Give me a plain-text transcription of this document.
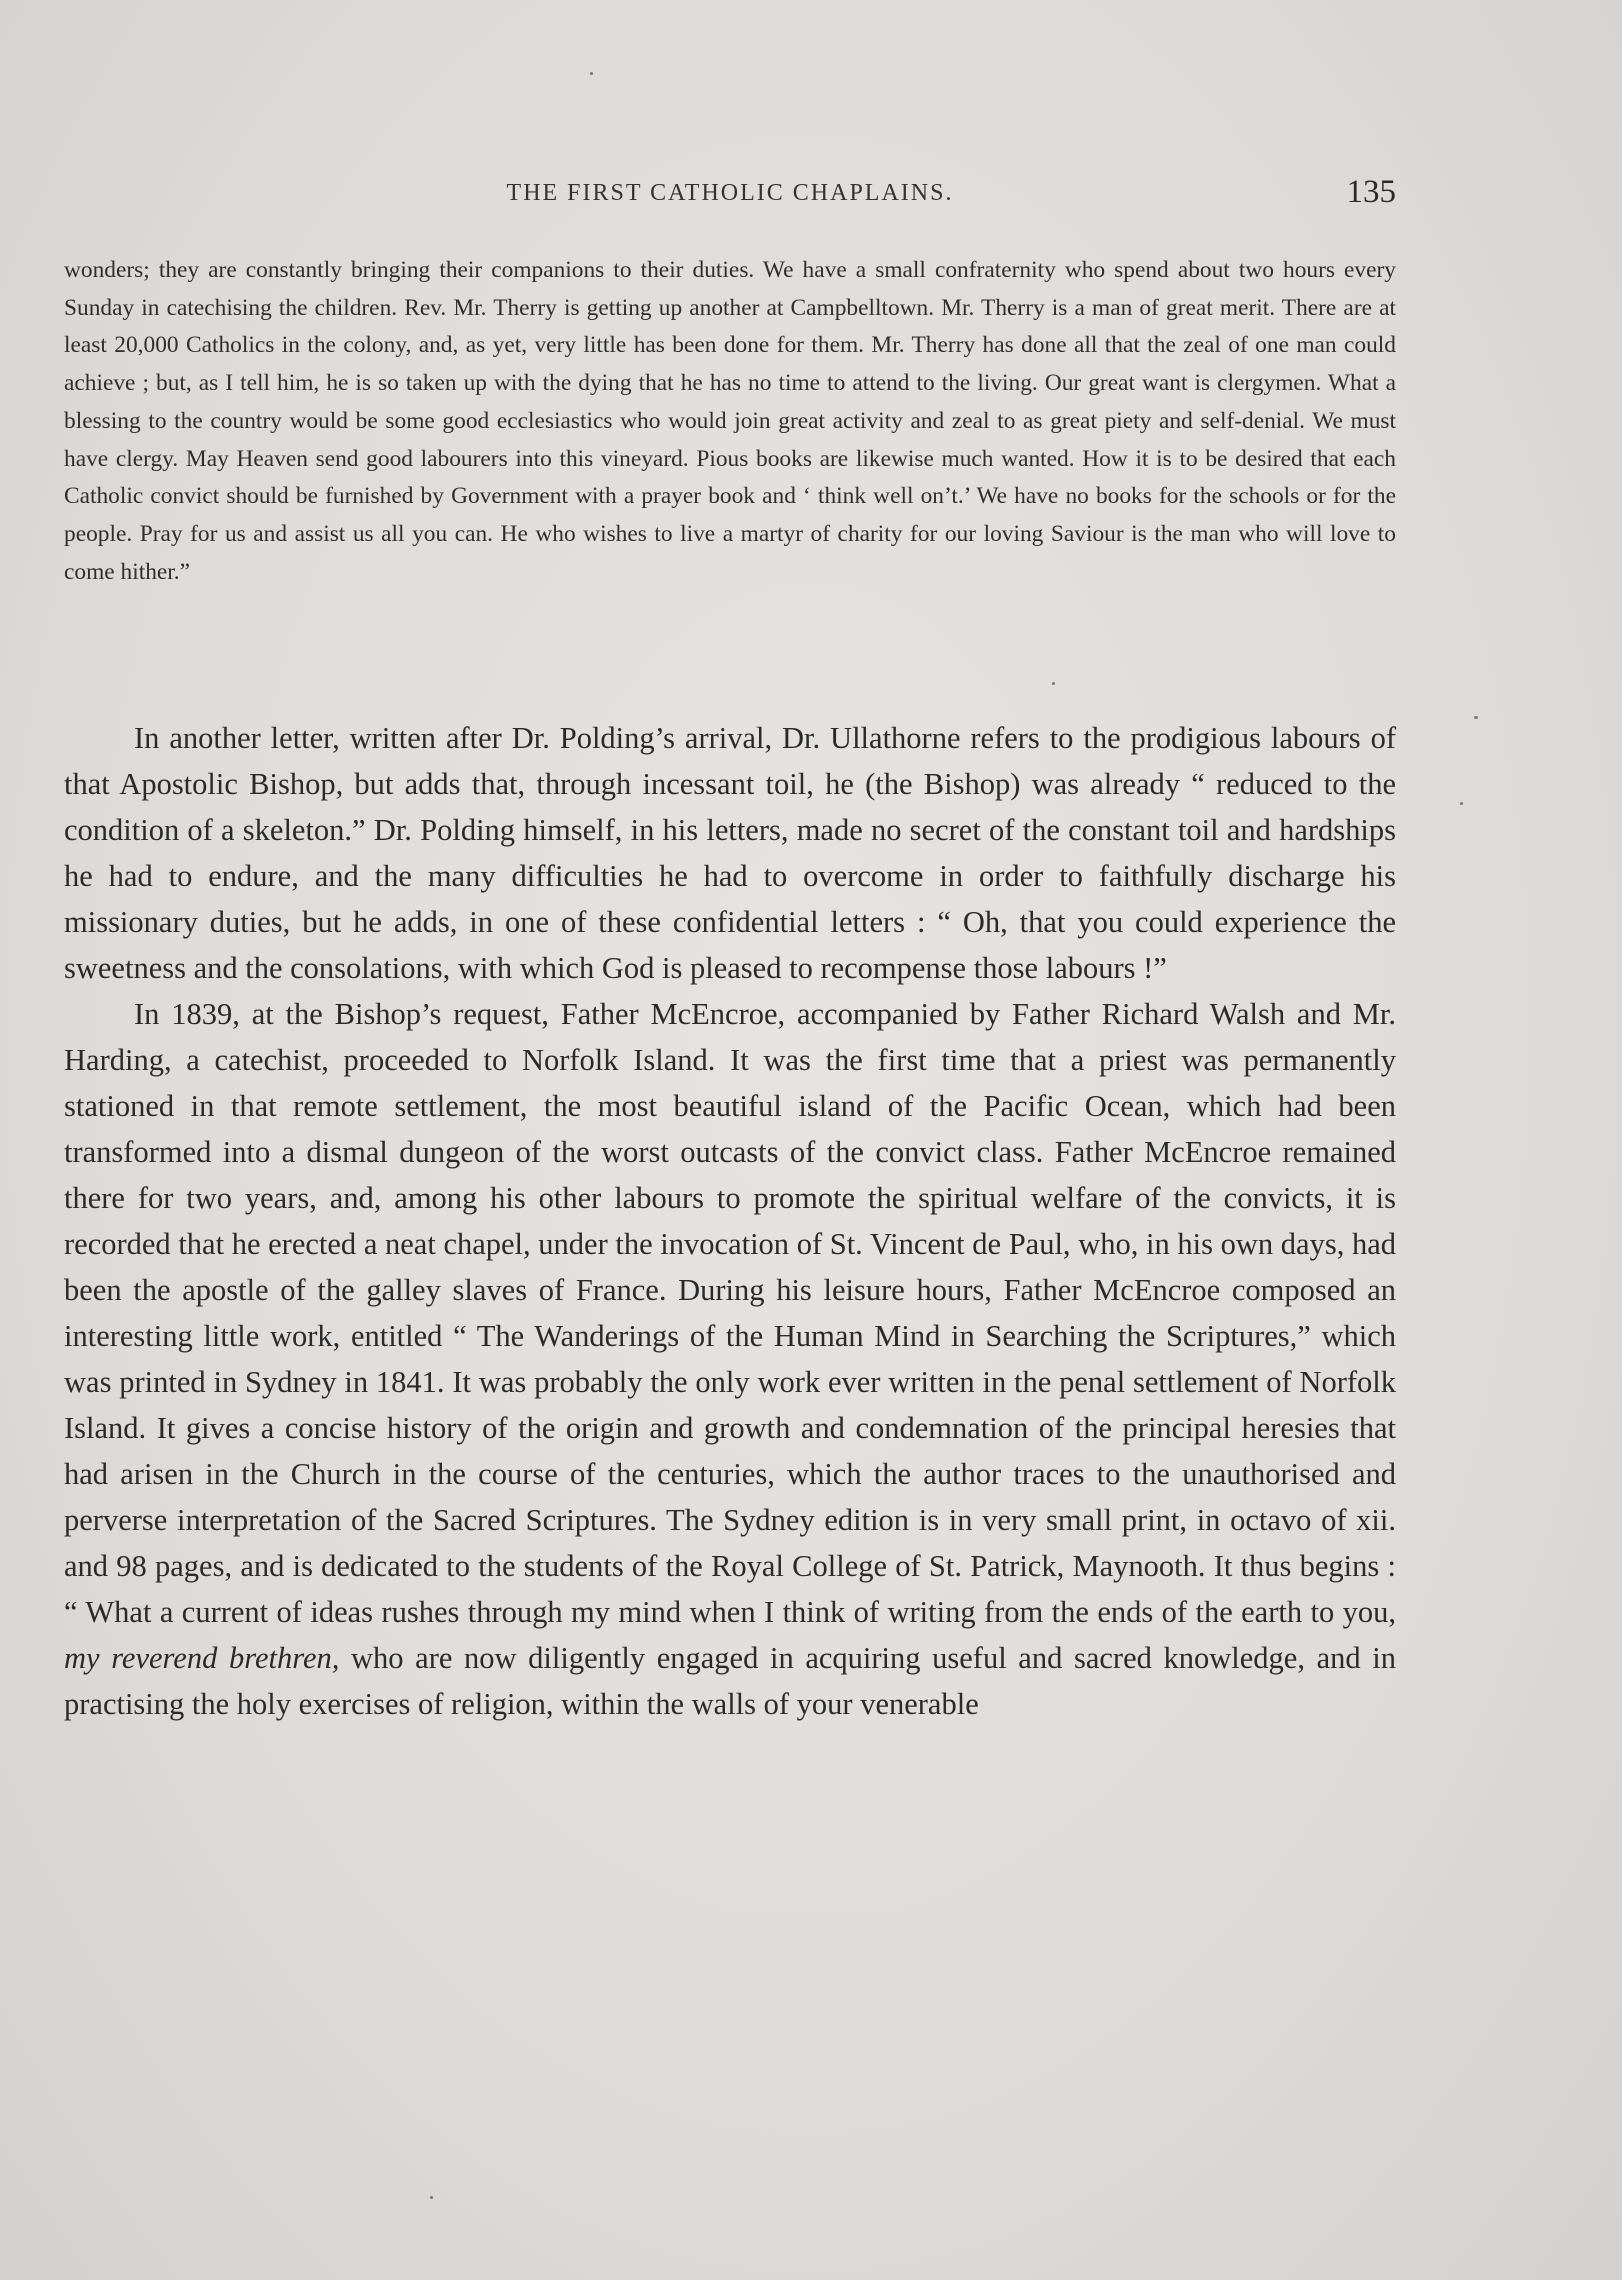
THE FIRST CATHOLIC CHAPLAINS.	135

wonders; they are constantly bringing their companions to their duties. We have a small confraternity who spend about two hours every Sunday in catechising the children. Rev. Mr. Therry is getting up another at Campbelltown. Mr. Therry is a man of great merit. There are at least 20,000 Catholics in the colony, and, as yet, very little has been done for them. Mr. Therry has done all that the zeal of one man could achieve ; but, as I tell him, he is so taken up with the dying that he has no time to attend to the living. Our great want is clergymen. What a blessing to the country would be some good ecclesiastics who would join great activity and zeal to as great piety and self-denial. We must have clergy. May Heaven send good labourers into this vineyard. Pious books are likewise much wanted. How it is to be desired that each Catholic convict should be furnished by Government with a prayer book and ‘ think well on’t.’ We have no books for the schools or for the people. Pray for us and assist us all you can. He who wishes to live a martyr of charity for our loving Saviour is the man who will love to come hither.”

In another letter, written after Dr. Polding’s arrival, Dr. Ullathorne refers to the prodigious labours of that Apostolic Bishop, but adds that, through incessant toil, he (the Bishop) was already “ reduced to the condition of a skeleton.” Dr. Polding himself, in his letters, made no secret of the constant toil and hardships he had to endure, and the many difficulties he had to overcome in order to faithfully discharge his missionary duties, but he adds, in one of these confidential letters : “ Oh, that you could experience the sweetness and the consolations, with which God is pleased to recompense those labours !”

In 1839, at the Bishop’s request, Father McEncroe, accompanied by Father Richard Walsh and Mr. Harding, a catechist, proceeded to Norfolk Island. It was the first time that a priest was permanently stationed in that remote settlement, the most beautiful island of the Pacific Ocean, which had been transformed into a dismal dungeon of the worst outcasts of the convict class. Father McEncroe remained there for two years, and, among his other labours to promote the spiritual welfare of the convicts, it is recorded that he erected a neat chapel, under the invocation of St. Vincent de Paul, who, in his own days, had been the apostle of the galley slaves of France. During his leisure hours, Father McEncroe composed an interesting little work, entitled “ The Wanderings of the Human Mind in Searching the Scriptures,” which was printed in Sydney in 1841. It was probably the only work ever written in the penal settlement of Norfolk Island. It gives a concise history of the origin and growth and condemnation of the principal heresies that had arisen in the Church in the course of the centuries, which the author traces to the unauthorised and perverse interpretation of the Sacred Scriptures. The Sydney edition is in very small print, in octavo of xii. and 98 pages, and is dedicated to the students of the Royal College of St. Patrick, Maynooth. It thus begins : “ What a current of ideas rushes through my mind when I think of writing from the ends of the earth to you, my reverend brethren, who are now diligently engaged in acquiring useful and sacred knowledge, and in practising the holy exercises of religion, within the walls of your venerable
